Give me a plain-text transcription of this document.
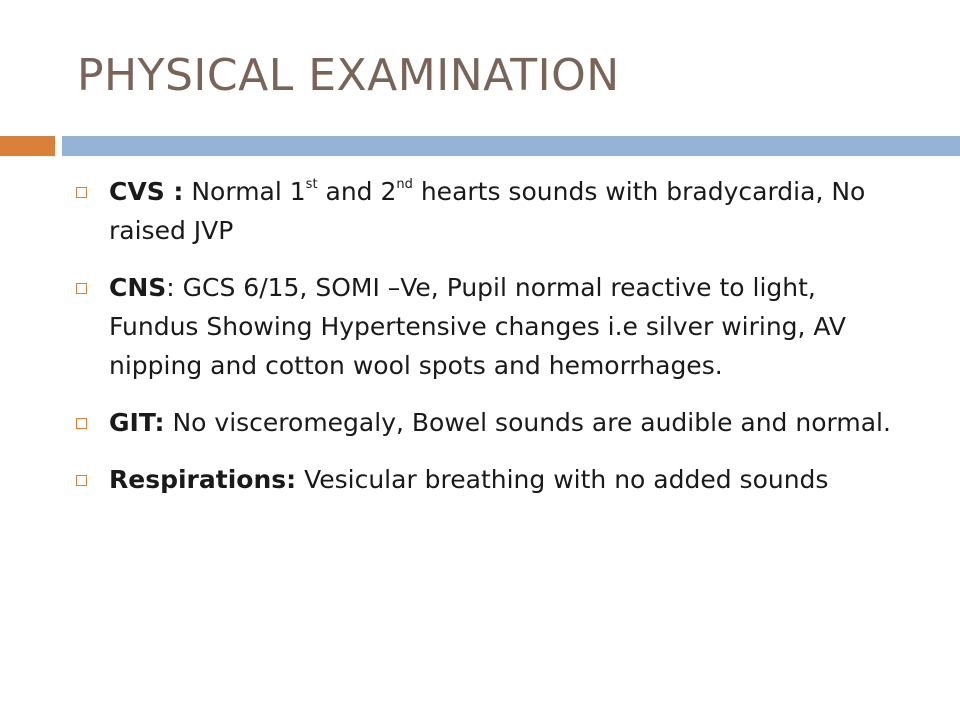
PHYSICAL EXAMINATION
CVS : Normal 1st and 2nd hearts sounds with bradycardia, No raised JVP
CNS: GCS 6/15, SOMI –Ve, Pupil normal reactive to light, Fundus Showing Hypertensive changes i.e silver wiring, AV nipping and cotton wool spots and hemorrhages.
GIT: No visceromegaly, Bowel sounds are audible and normal.
Respirations: Vesicular breathing with no added sounds
